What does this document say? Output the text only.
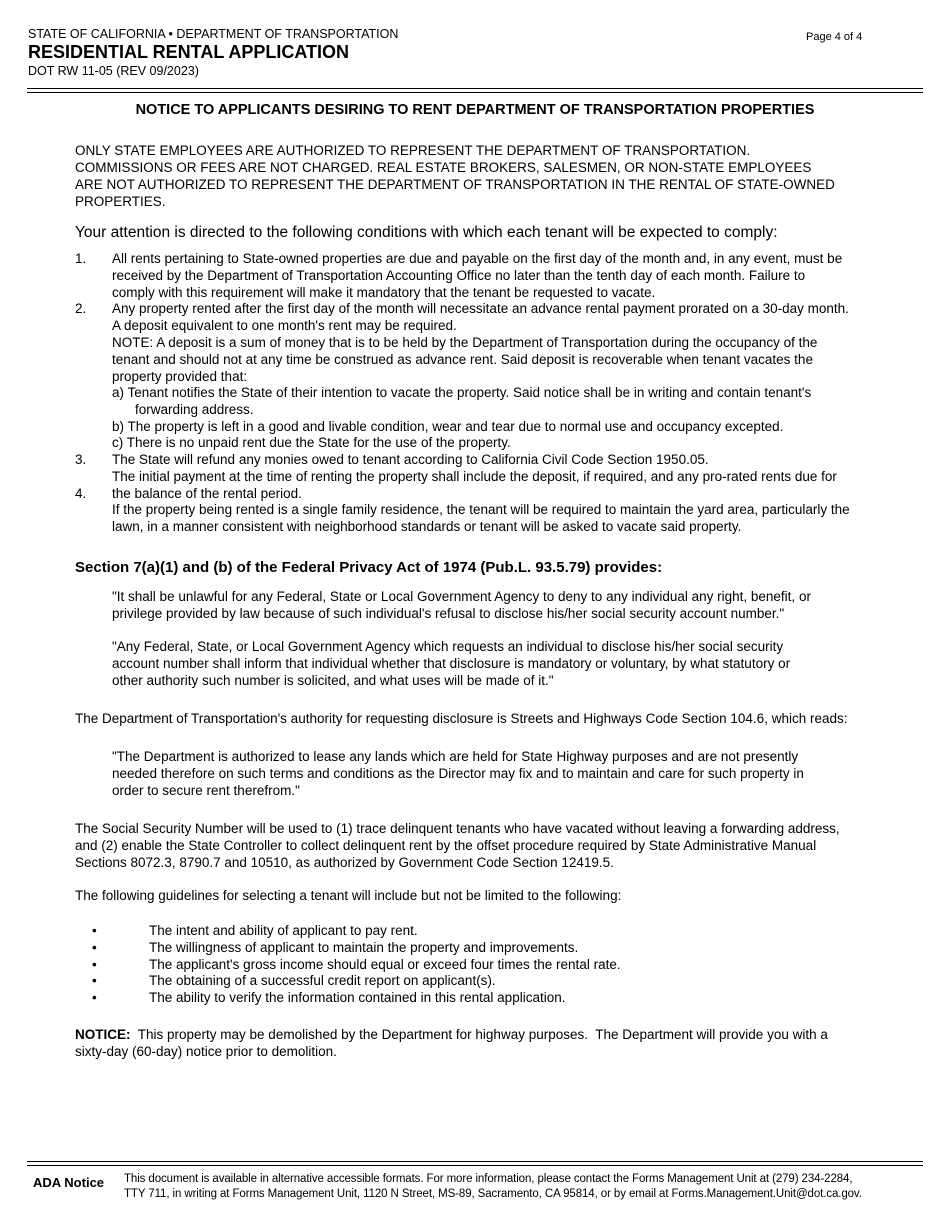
STATE OF CALIFORNIA • DEPARTMENT OF TRANSPORTATION
RESIDENTIAL RENTAL APPLICATION
DOT RW 11-05 (REV 09/2023)
Page 4 of 4
NOTICE TO APPLICANTS DESIRING TO RENT DEPARTMENT OF TRANSPORTATION PROPERTIES
ONLY STATE EMPLOYEES ARE AUTHORIZED TO REPRESENT THE DEPARTMENT OF TRANSPORTATION.
COMMISSIONS OR FEES ARE NOT CHARGED. REAL ESTATE BROKERS, SALESMEN, OR NON-STATE EMPLOYEES
ARE NOT AUTHORIZED TO REPRESENT THE DEPARTMENT OF TRANSPORTATION IN THE RENTAL OF STATE-OWNED
PROPERTIES.
Your attention is directed to the following conditions with which each tenant will be expected to comply:
1. All rents pertaining to State-owned properties are due and payable on the first day of the month and, in any event, must be
received by the Department of Transportation Accounting Office no later than the tenth day of each month. Failure to
comply with this requirement will make it mandatory that the tenant be requested to vacate.
2. Any property rented after the first day of the month will necessitate an advance rental payment prorated on a 30-day month.
A deposit equivalent to one month's rent may be required.
NOTE: A deposit is a sum of money that is to be held by the Department of Transportation during the occupancy of the
tenant and should not at any time be construed as advance rent. Said deposit is recoverable when tenant vacates the
property provided that:
a) Tenant notifies the State of their intention to vacate the property. Said notice shall be in writing and contain tenant's
forwarding address.
b) The property is left in a good and livable condition, wear and tear due to normal use and occupancy excepted.
c) There is no unpaid rent due the State for the use of the property.
3. The State will refund any monies owed to tenant according to California Civil Code Section 1950.05.
The initial payment at the time of renting the property shall include the deposit, if required, and any pro-rated rents due for
4. the balance of the rental period.
If the property being rented is a single family residence, the tenant will be required to maintain the yard area, particularly the
lawn, in a manner consistent with neighborhood standards or tenant will be asked to vacate said property.
Section 7(a)(1) and (b) of the Federal Privacy Act of 1974 (Pub.L. 93.5.79) provides:
"It shall be unlawful for any Federal, State or Local Government Agency to deny to any individual any right, benefit, or
privilege provided by law because of such individual's refusal to disclose his/her social security account number."
"Any Federal, State, or Local Government Agency which requests an individual to disclose his/her social security
account number shall inform that individual whether that disclosure is mandatory or voluntary, by what statutory or
other authority such number is solicited, and what uses will be made of it."
The Department of Transportation's authority for requesting disclosure is Streets and Highways Code Section 104.6, which reads:
"The Department is authorized to lease any lands which are held for State Highway purposes and are not presently
needed therefore on such terms and conditions as the Director may fix and to maintain and care for such property in
order to secure rent therefrom."
The Social Security Number will be used to (1) trace delinquent tenants who have vacated without leaving a forwarding address,
and (2) enable the State Controller to collect delinquent rent by the offset procedure required by State Administrative Manual
Sections 8072.3, 8790.7 and 10510, as authorized by Government Code Section 12419.5.
The following guidelines for selecting a tenant will include but not be limited to the following:
•	The intent and ability of applicant to pay rent.
•	The willingness of applicant to maintain the property and improvements.
•	The applicant's gross income should equal or exceed four times the rental rate.
•	The obtaining of a successful credit report on applicant(s).
•	The ability to verify the information contained in this rental application.
NOTICE:  This property may be demolished by the Department for highway purposes.  The Department will provide you with a
sixty-day (60-day) notice prior to demolition.
ADA Notice This document is available in alternative accessible formats. For more information, please contact the Forms Management Unit at (279) 234-2284,
TTY 711, in writing at Forms Management Unit, 1120 N Street, MS-89, Sacramento, CA 95814, or by email at Forms.Management.Unit@dot.ca.gov.
